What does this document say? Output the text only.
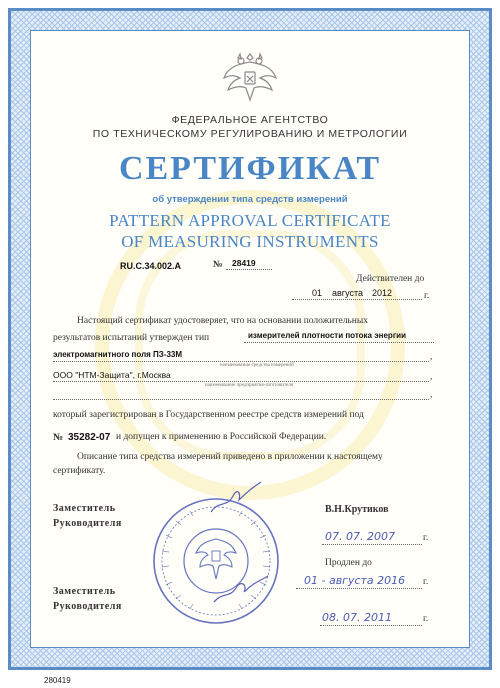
ФЕДЕРАЛЬНОЕ АГЕНТСТВО
ПО ТЕХНИЧЕСКОМУ РЕГУЛИРОВАНИЮ И МЕТРОЛОГИИ
СЕРТИФИКАТ
об утверждении типа средств измерений
PATTERN APPROVAL CERTIFICATE
OF MEASURING INSTRUMENTS
RU.C.34.002.A	№ 28419
Действителен до
01 августа 2012	г.
Настоящий сертификат удостоверяет, что на основании положительных
результатов испытаний утвержден тип	измерителей плотности потока энергии
электромагнитного поля ПЗ-33М	,
наименование средства измерений
ООО "НТМ-Защита", г.Москва	,
наименование предприятия-изготовителя
,
который зарегистрирован в Государственном реестре средств измерений под
№ 35282-07 и допущен к применению в Российской Федерации.
Описание типа средства измерений приведено в приложении к настоящему
сертификату.
Заместитель
Руководителя
В.Н.Крутиков
07. 07. 2007	г.
Продлен до
01 - августа 2016 г.
Заместитель
Руководителя
08. 07. 2011	г.
280419
